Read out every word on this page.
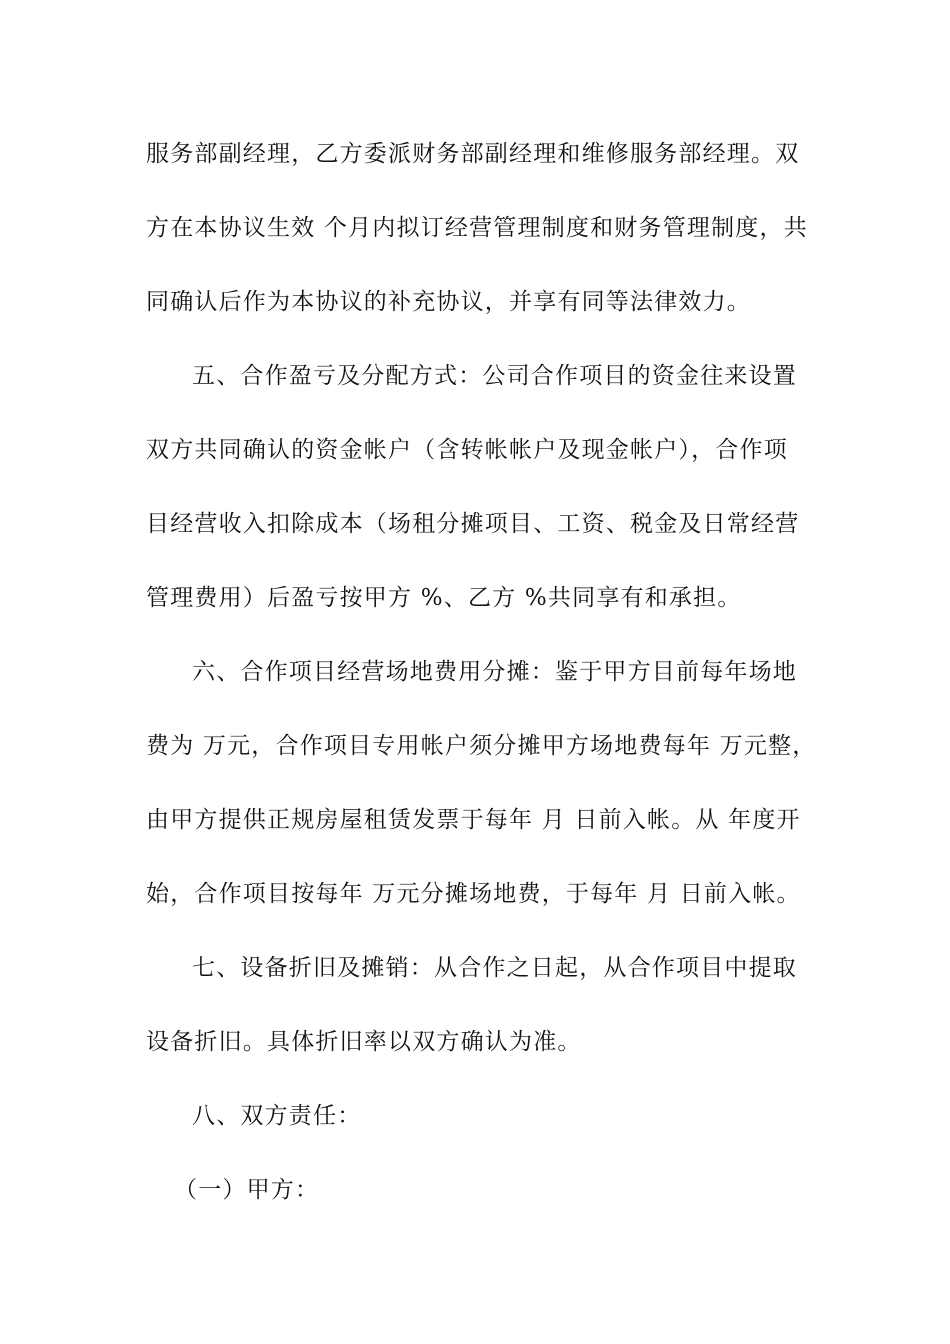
服务部副经理，乙方委派财务部副经理和维修服务部经理。双

方在本协议生效 个月内拟订经营管理制度和财务管理制度，共

同确认后作为本协议的补充协议，并享有同等法律效力。

五、合作盈亏及分配方式：公司合作项目的资金往来设置

双方共同确认的资金帐户（含转帐帐户及现金帐户），合作项

目经营收入扣除成本（场租分摊项目、工资、税金及日常经营

管理费用）后盈亏按甲方 %、乙方 %共同享有和承担。

六、合作项目经营场地费用分摊：鉴于甲方目前每年场地

费为 万元，合作项目专用帐户须分摊甲方场地费每年 万元整，

由甲方提供正规房屋租赁发票于每年 月 日前入帐。从 年度开

始，合作项目按每年 万元分摊场地费，于每年 月 日前入帐。

七、设备折旧及摊销：从合作之日起，从合作项目中提取

设备折旧。具体折旧率以双方确认为准。

八、双方责任：

（一）甲方：
